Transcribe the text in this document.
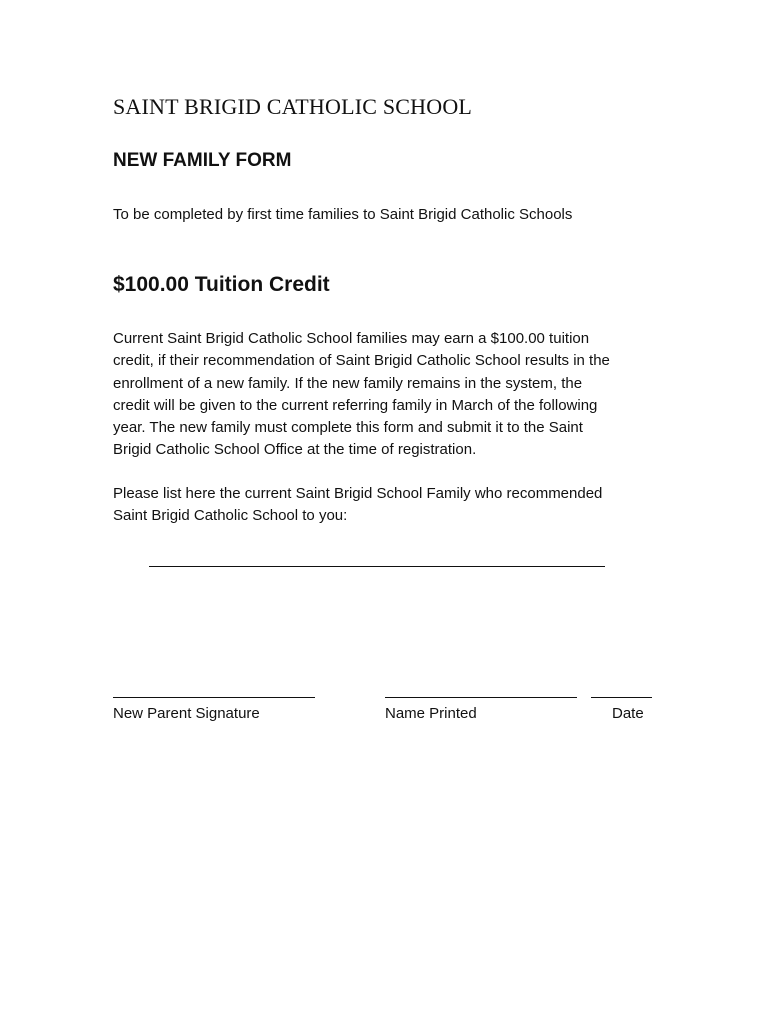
SAINT BRIGID CATHOLIC SCHOOL
NEW FAMILY FORM

To be completed by first time families to Saint Brigid Catholic Schools

$100.00 Tuition Credit

Current Saint Brigid Catholic School families may earn a $100.00 tuition
credit, if their recommendation of Saint Brigid Catholic School results in the
enrollment of a new family. If the new family remains in the system, the
credit will be given to the current referring family in March of the following
year. The new family must complete this form and submit it to the Saint
Brigid Catholic School Office at the time of registration.

Please list here the current Saint Brigid School Family who recommended
Saint Brigid Catholic School to you:

New Parent Signature	Name Printed	Date
